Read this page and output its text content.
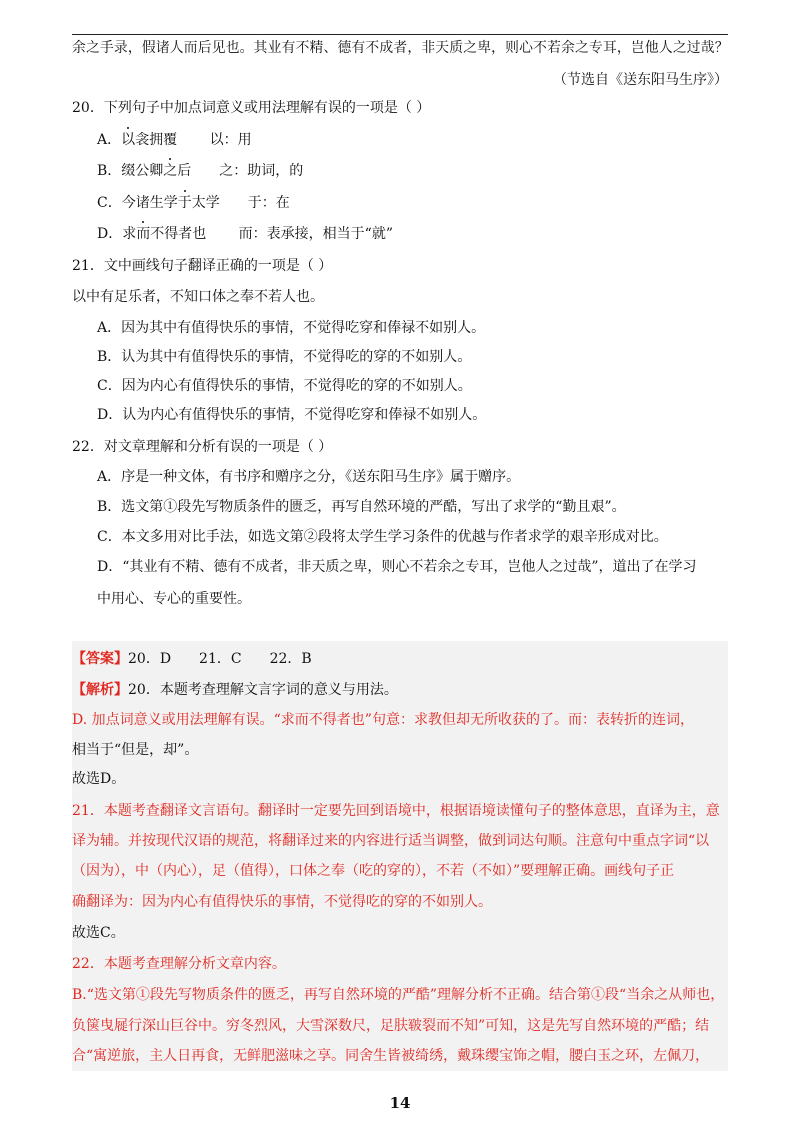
余之手录，假诸人而后见也。其业有不精、德有不成者，非天质之卑，则心不若余之专耳，岂他人之过哉？
（节选自《送东阳马生序》）
20．下列句子中加点词意义或用法理解有误的一项是（ ）
A．以衾拥覆　　 以：用
B．缀公卿之后　　之：助词，的
C．今诸生学于太学　　于：在
D．求而不得者也　　 而：表承接，相当于“就”
21．文中画线句子翻译正确的一项是（ ）
以中有足乐者，不知口体之奉不若人也。
A．因为其中有值得快乐的事情，不觉得吃穿和俸禄不如别人。
B．认为其中有值得快乐的事情，不觉得吃的穿的不如别人。
C．因为内心有值得快乐的事情，不觉得吃的穿的不如别人。
D．认为内心有值得快乐的事情，不觉得吃穿和俸禄不如别人。
22．对文章理解和分析有误的一项是（ ）
A．序是一种文体，有书序和赠序之分，《送东阳马生序》属于赠序。
B．选文第①段先写物质条件的匮乏，再写自然环境的严酷，写出了求学的“勤且艰”。
C．本文多用对比手法，如选文第②段将太学生学习条件的优越与作者求学的艰辛形成对比。
D．“其业有不精、德有不成者，非天质之卑，则心不若余之专耳，岂他人之过哉”，道出了在学习
中用心、专心的重要性。
【答案】20．D　　21．C　　22．B
【解析】20．本题考查理解文言字词的意义与用法。
D. 加点词意义或用法理解有误。“求而不得者也”句意：求教但却无所收获的了。而：表转折的连词，
相当于“但是，却”。
故选D。
21．本题考查翻译文言语句。翻译时一定要先回到语境中，根据语境读懂句子的整体意思，直译为主，意
译为辅。并按现代汉语的规范，将翻译过来的内容进行适当调整，做到词达句顺。注意句中重点字词“以
（因为），中（内心），足（值得），口体之奉（吃的穿的），不若（不如）”要理解正确。画线句子正
确翻译为：因为内心有值得快乐的事情，不觉得吃的穿的不如别人。
故选C。
22．本题考查理解分析文章内容。
B.“选文第①段先写物质条件的匮乏，再写自然环境的严酷”理解分析不正确。结合第①段“当余之从师也，
负箧曳屣行深山巨谷中。穷冬烈风，大雪深数尺，足肤皲裂而不知”可知，这是先写自然环境的严酷；结
合“寓逆旅，主人日再食，无鲜肥滋味之享。同舍生皆被绮绣，戴珠缨宝饰之帽，腰白玉之环，左佩刀，
14
